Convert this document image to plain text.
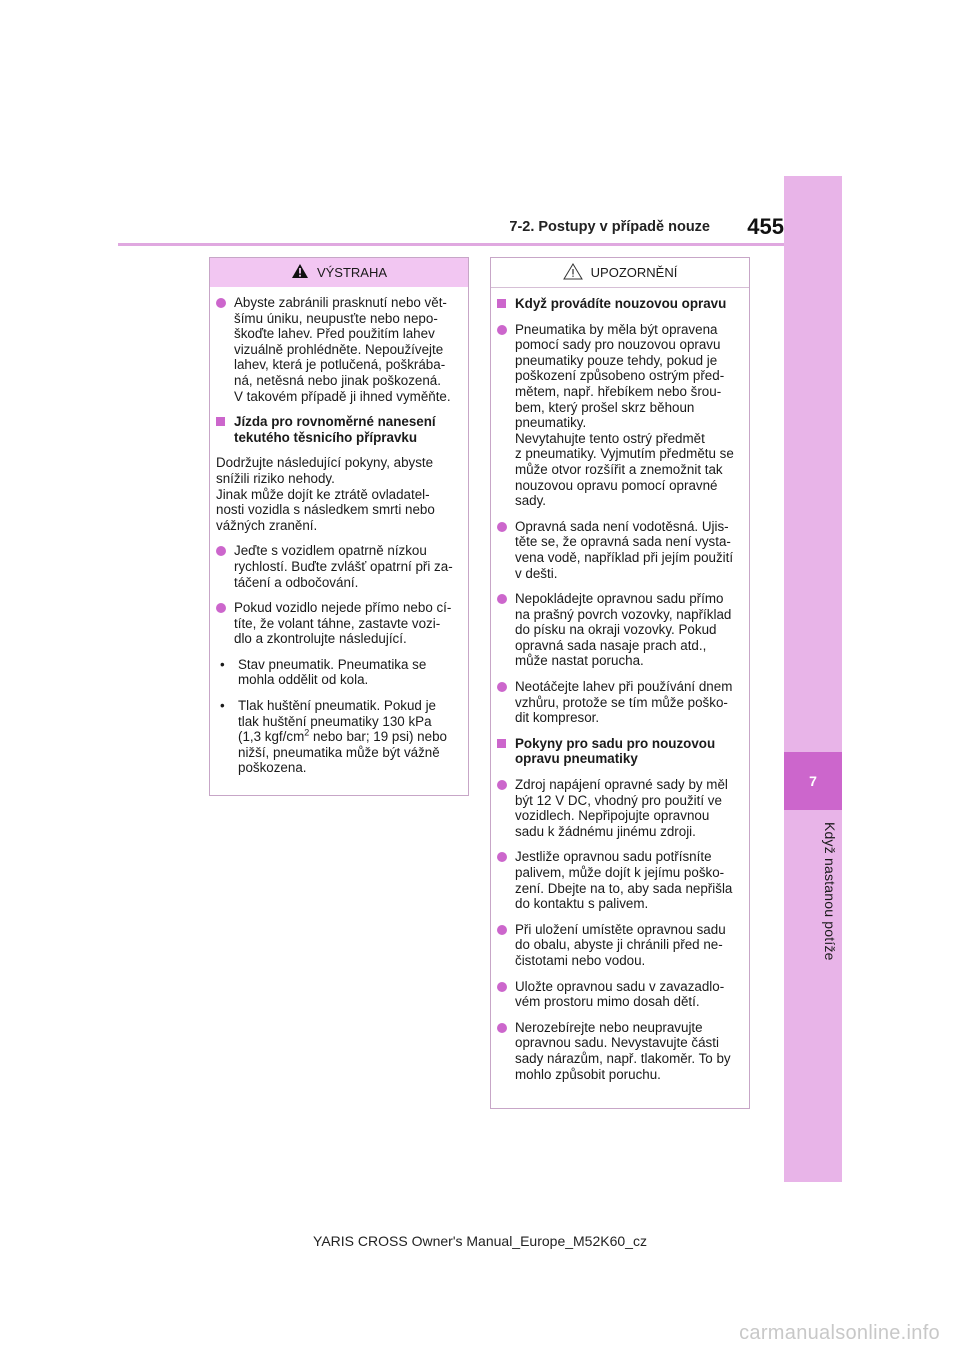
7
Když nastanou potíže
7-2. Postupy v případě nouze	455
VÝSTRAHA
Abyste zabránili prasknutí nebo vět-
šímu úniku, neupusťte nebo nepo-
škoďte lahev. Před použitím lahev
vizuálně prohlédněte. Nepoužívejte
lahev, která je potlučená, poškrába-
ná, netěsná nebo jinak poškozená.
V takovém případě ji ihned vyměňte.
Jízda pro rovnoměrné nanesení
tekutého těsnicího přípravku
Dodržujte následující pokyny, abyste
snížili riziko nehody.
Jinak může dojít ke ztrátě ovladatel-
nosti vozidla s následkem smrti nebo
vážných zranění.
Jeďte s vozidlem opatrně nízkou
rychlostí. Buďte zvlášť opatrní při za-
táčení a odbočování.
Pokud vozidlo nejede přímo nebo cí-
títe, že volant táhne, zastavte vozi-
dlo a zkontrolujte následující.
• Stav pneumatik. Pneumatika se
mohla oddělit od kola.
• Tlak huštění pneumatik. Pokud je
tlak huštění pneumatiky 130 kPa
(1,3 kgf/$cm^2$ nebo bar; 19 psi) nebo
nižší, pneumatika může být vážně
poškozena.
UPOZORNĚNÍ
Když provádíte nouzovou opravu
Pneumatika by měla být opravena
pomocí sady pro nouzovou opravu
pneumatiky pouze tehdy, pokud je
poškození způsobeno ostrým před-
mětem, např. hřebíkem nebo šrou-
bem, který prošel skrz běhoun
pneumatiky.
Nevytahujte tento ostrý předmět
z pneumatiky. Vyjmutím předmětu se
může otvor rozšířit a znemožnit tak
nouzovou opravu pomocí opravné
sady.
Opravná sada není vodotěsná. Ujis-
těte se, že opravná sada není vysta-
vena vodě, například při jejím použití
v dešti.
Nepokládejte opravnou sadu přímo
na prašný povrch vozovky, například
do písku na okraji vozovky. Pokud
opravná sada nasaje prach atd.,
může nastat porucha.
Neotáčejte lahev při používání dnem
vzhůru, protože se tím může poško-
dit kompresor.
Pokyny pro sadu pro nouzovou
opravu pneumatiky
Zdroj napájení opravné sady by měl
být 12 V DC, vhodný pro použití ve
vozidlech. Nepřipojujte opravnou
sadu k žádnému jinému zdroji.
Jestliže opravnou sadu potřísníte
palivem, může dojít k jejímu poško-
zení. Dbejte na to, aby sada nepřišla
do kontaktu s palivem.
Při uložení umístěte opravnou sadu
do obalu, abyste ji chránili před ne-
čistotami nebo vodou.
Uložte opravnou sadu v zavazadlo-
vém prostoru mimo dosah dětí.
Nerozebírejte nebo neupravujte
opravnou sadu. Nevystavujte části
sady nárazům, např. tlakoměr. To by
mohlo způsobit poruchu.
YARIS CROSS Owner's Manual_Europe_M52K60_cz
carmanualsonline.info
